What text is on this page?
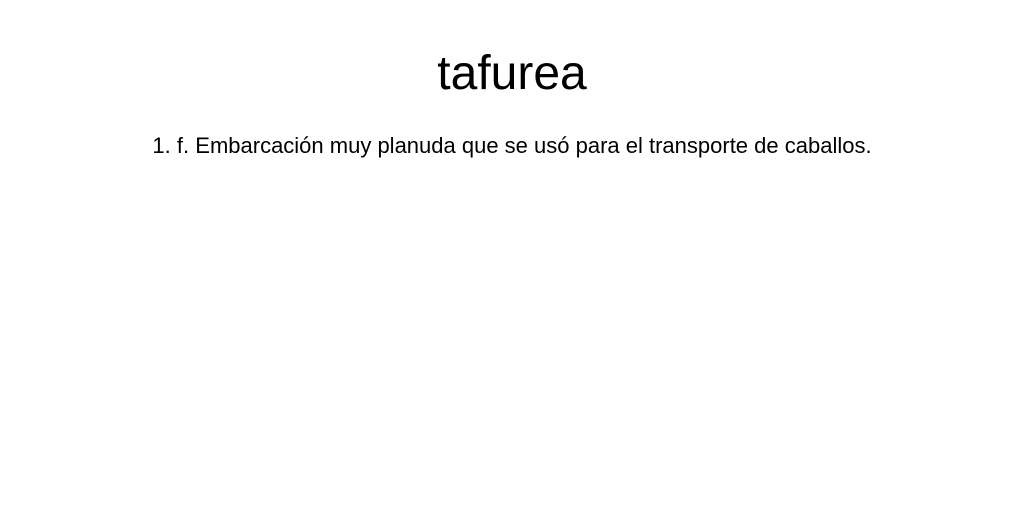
tafurea

1. f. Embarcación muy planuda que se usó para el transporte de caballos.
